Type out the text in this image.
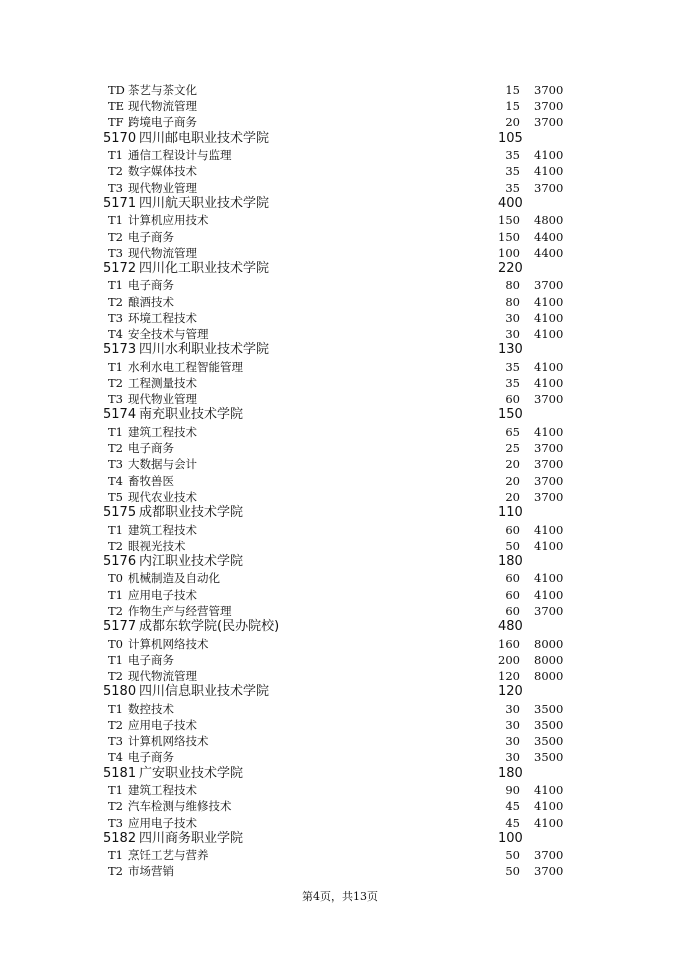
TD 茶艺与茶文化	15 3700
TE 现代物流管理	15 3700
TF 跨境电子商务	20 3700
5170 四川邮电职业技术学院	105
T1 通信工程设计与监理	35 4100
T2 数字媒体技术	35 4100
T3 现代物业管理	35 3700
5171 四川航天职业技术学院	400
T1 计算机应用技术	150 4800
T2 电子商务	150 4400
T3 现代物流管理	100 4400
5172 四川化工职业技术学院	220
T1 电子商务	80 3700
T2 酿酒技术	80 4100
T3 环境工程技术	30 4100
T4 安全技术与管理	30 4100
5173 四川水利职业技术学院	130
T1 水利水电工程智能管理	35 4100
T2 工程测量技术	35 4100
T3 现代物业管理	60 3700
5174 南充职业技术学院	150
T1 建筑工程技术	65 4100
T2 电子商务	25 3700
T3 大数据与会计	20 3700
T4 畜牧兽医	20 3700
T5 现代农业技术	20 3700
5175 成都职业技术学院	110
T1 建筑工程技术	60 4100
T2 眼视光技术	50 4100
5176 内江职业技术学院	180
T0 机械制造及自动化	60 4100
T1 应用电子技术	60 4100
T2 作物生产与经营管理	60 3700
5177 成都东软学院(民办院校)	480
T0 计算机网络技术	160 8000
T1 电子商务	200 8000
T2 现代物流管理	120 8000
5180 四川信息职业技术学院	120
T1 数控技术	30 3500
T2 应用电子技术	30 3500
T3 计算机网络技术	30 3500
T4 电子商务	30 3500
5181 广安职业技术学院	180
T1 建筑工程技术	90 4100
T2 汽车检测与维修技术	45 4100
T3 应用电子技术	45 4100
5182 四川商务职业学院	100
T1 烹饪工艺与营养	50 3700
T2 市场营销	50 3700
第4页，共13页
